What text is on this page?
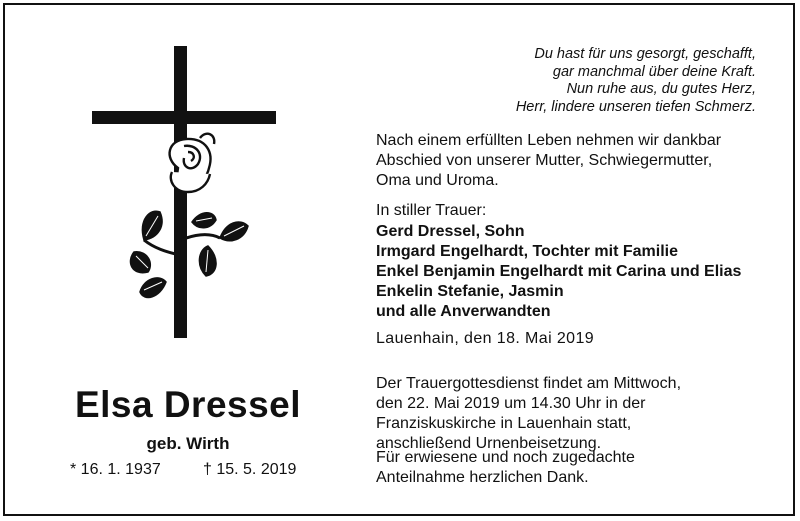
Du hast für uns gesorgt, geschafft,
gar manchmal über deine Kraft.
Nun ruhe aus, du gutes Herz,
Herr, lindere unseren tiefen Schmerz.
Nach einem erfüllten Leben nehmen wir dankbar
Abschied von unserer Mutter, Schwiegermutter,
Oma und Uroma.
In stiller Trauer:
Gerd Dressel, Sohn
Irmgard Engelhardt, Tochter mit Familie
Enkel Benjamin Engelhardt mit Carina und Elias
Enkelin Stefanie, Jasmin
und alle Anverwandten
Lauenhain, den 18. Mai 2019
Der Trauergottesdienst findet am Mittwoch,
den 22. Mai 2019 um 14.30 Uhr in der
Franziskuskirche in Lauenhain statt,
anschließend Urnenbeisetzung.
Für erwiesene und noch zugedachte
Anteilnahme herzlichen Dank.
Elsa Dressel
geb. Wirth
* 16. 1. 1937	† 15. 5. 2019
